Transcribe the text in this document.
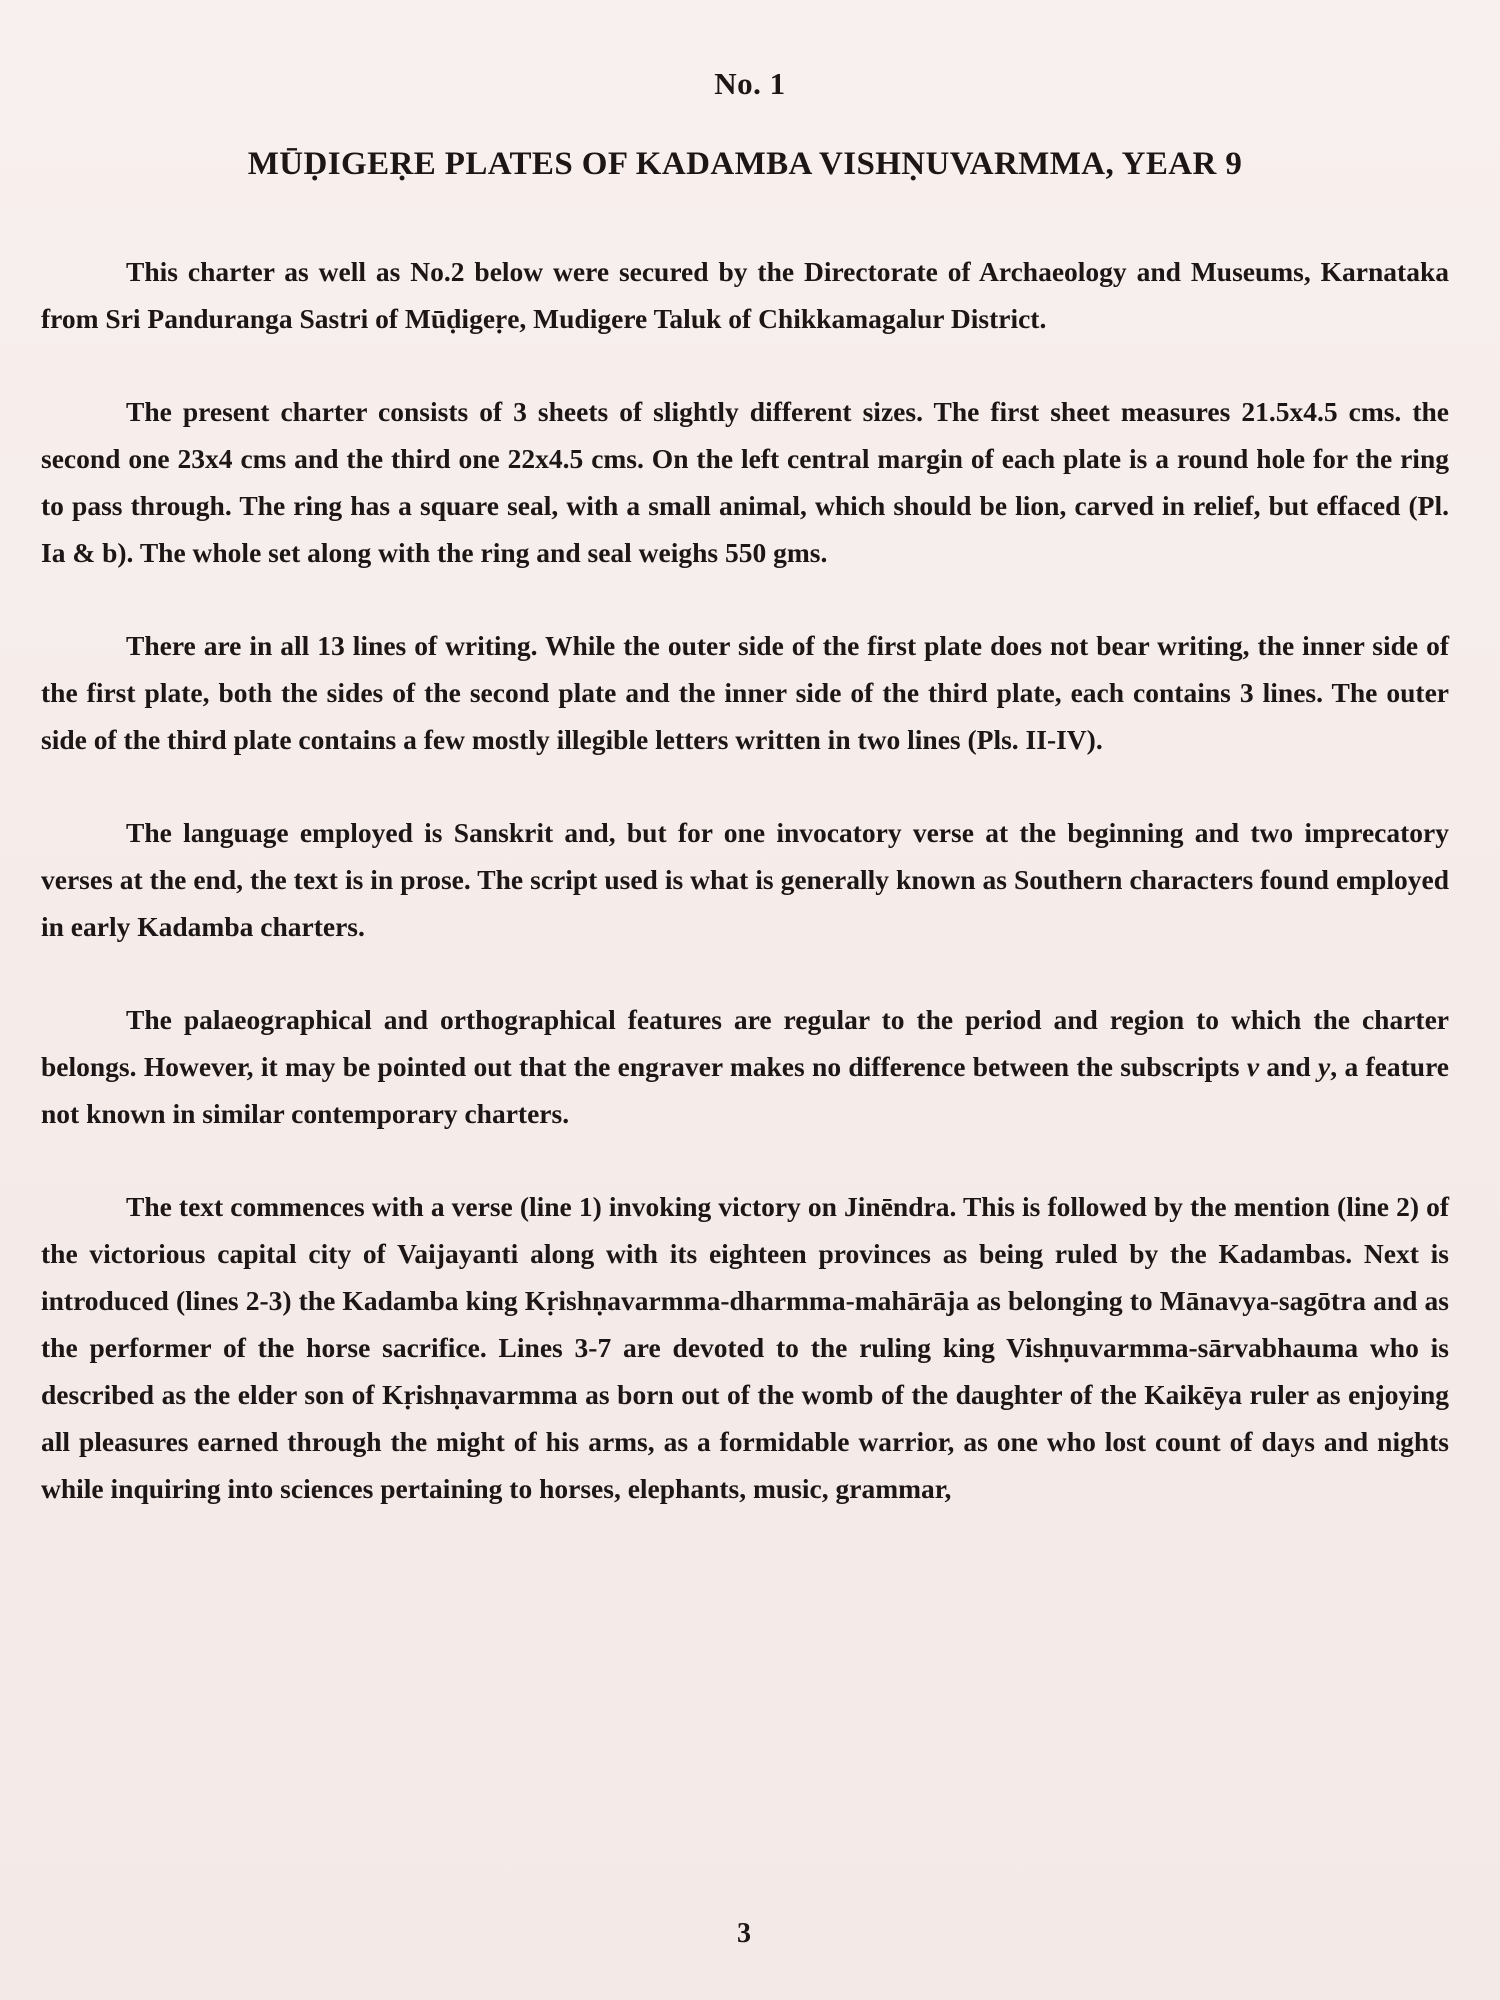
No. 1
MŪḌIGEṚE PLATES OF KADAMBA VISHṆUVARMMA, YEAR 9

This charter as well as No.2 below were secured by the Directorate of Archaeology and Museums, Karnataka from Sri Panduranga Sastri of Mūḍigeṛe, Mudigere Taluk of Chikkamagalur District.

The present charter consists of 3 sheets of slightly different sizes. The first sheet measures 21.5x4.5 cms. the second one 23x4 cms and the third one 22x4.5 cms. On the left central margin of each plate is a round hole for the ring to pass through. The ring has a square seal, with a small animal, which should be lion, carved in relief, but effaced (Pl. Ia & b). The whole set along with the ring and seal weighs 550 gms.

There are in all 13 lines of writing. While the outer side of the first plate does not bear writing, the inner side of the first plate, both the sides of the second plate and the inner side of the third plate, each contains 3 lines. The outer side of the third plate contains a few mostly illegible letters written in two lines (Pls. II-IV).

The language employed is Sanskrit and, but for one invocatory verse at the beginning and two imprecatory verses at the end, the text is in prose. The script used is what is generally known as Southern characters found employed in early Kadamba charters.

The palaeographical and orthographical features are regular to the period and region to which the charter belongs. However, it may be pointed out that the engraver makes no difference between the subscripts v and y, a feature not known in similar contemporary charters.

The text commences with a verse (line 1) invoking victory on Jinēndra. This is followed by the mention (line 2) of the victorious capital city of Vaijayanti along with its eighteen provinces as being ruled by the Kadambas. Next is introduced (lines 2-3) the Kadamba king Kṛishṇavarmma-dharmma-mahārāja as belonging to Mānavya-sagōtra and as the performer of the horse sacrifice. Lines 3-7 are devoted to the ruling king Vishṇuvarmma-sārvabhauma who is described as the elder son of Kṛishṇavarmma as born out of the womb of the daughter of the Kaikēya ruler as enjoying all pleasures earned through the might of his arms, as a formidable warrior, as one who lost count of days and nights while inquiring into sciences pertaining to horses, elephants, music, grammar,

3
